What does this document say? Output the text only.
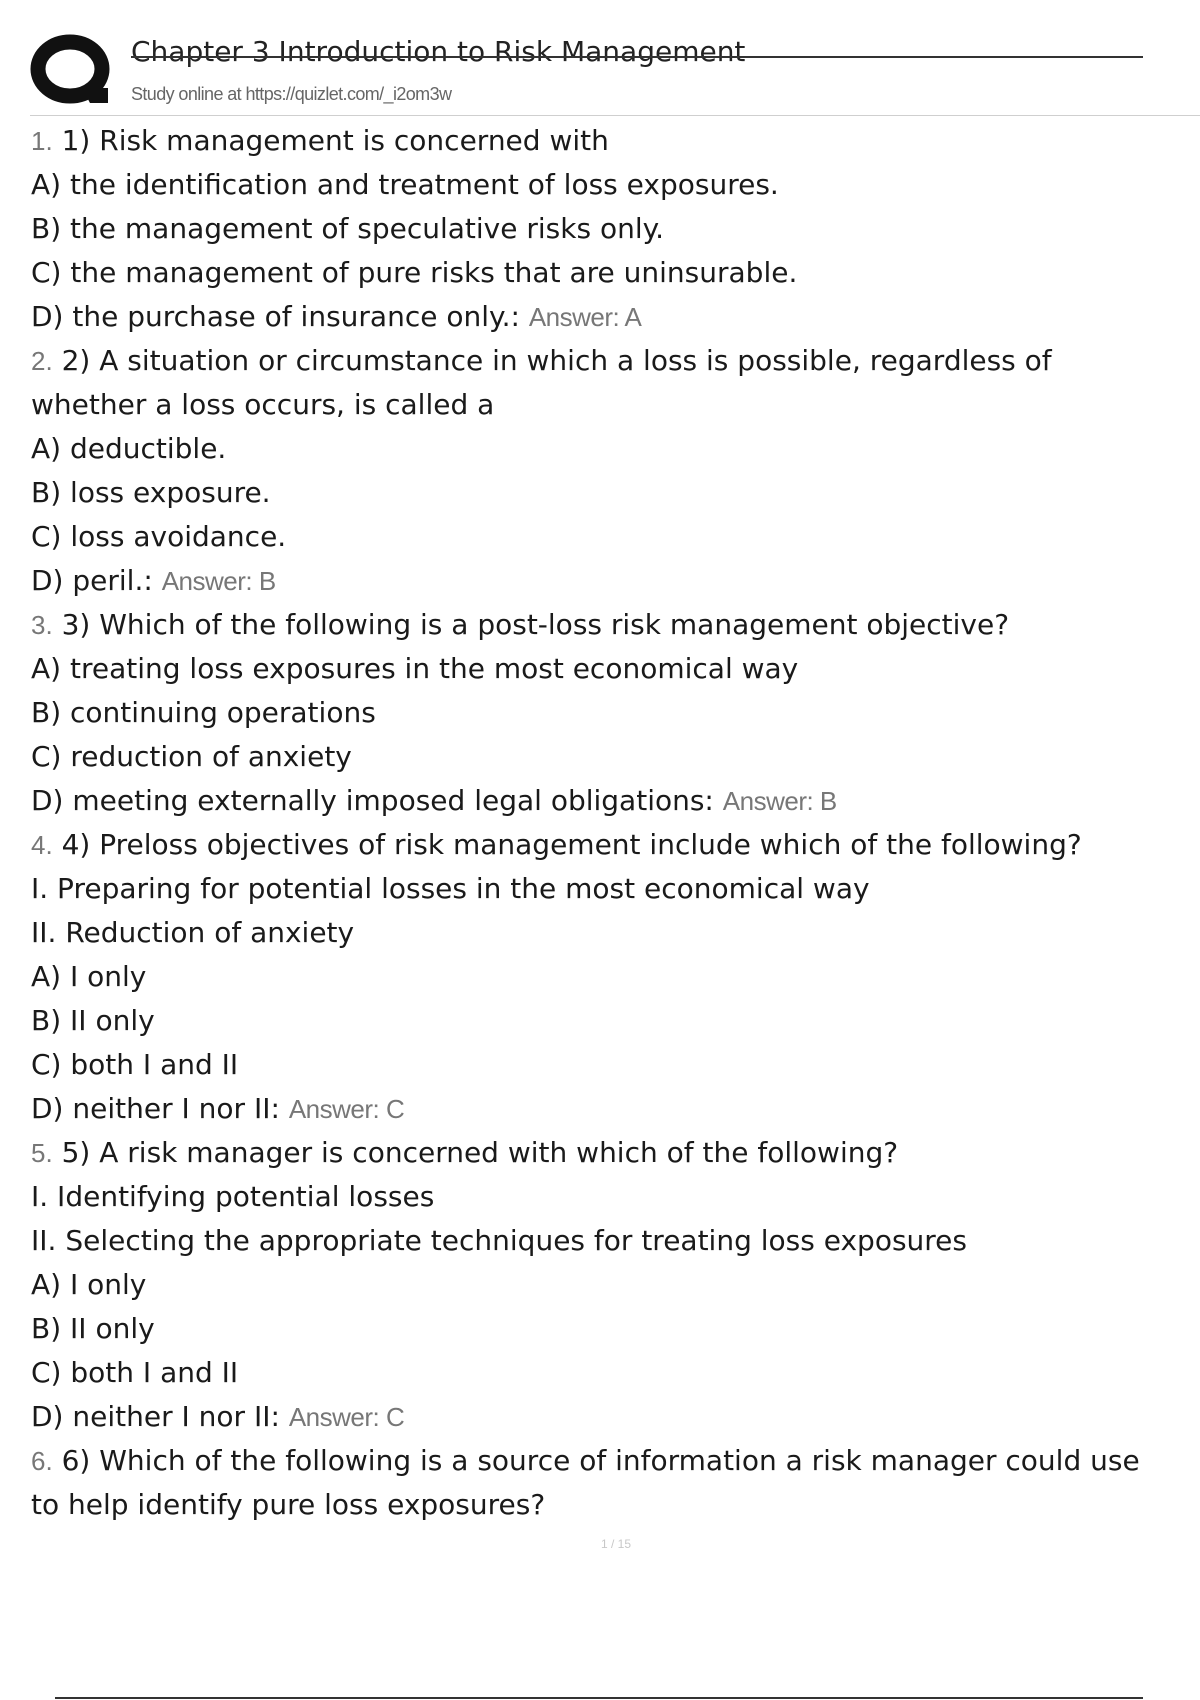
Chapter 3 Introduction to Risk Management
Study online at https://quizlet.com/_i2om3w
1. 1) Risk management is concerned with
A) the identification and treatment of loss exposures.
B) the management of speculative risks only.
C) the management of pure risks that are uninsurable.
D) the purchase of insurance only.: Answer: A
2. 2) A situation or circumstance in which a loss is possible, regardless of
whether a loss occurs, is called a
A) deductible.
B) loss exposure.
C) loss avoidance.
D) peril.: Answer: B
3. 3) Which of the following is a post-loss risk management objective?
A) treating loss exposures in the most economical way
B) continuing operations
C) reduction of anxiety
D) meeting externally imposed legal obligations: Answer: B
4. 4) Preloss objectives of risk management include which of the following?
I. Preparing for potential losses in the most economical way
II. Reduction of anxiety
A) I only
B) II only
C) both I and II
D) neither I nor II: Answer: C
5. 5) A risk manager is concerned with which of the following?
I. Identifying potential losses
II. Selecting the appropriate techniques for treating loss exposures
A) I only
B) II only
C) both I and II
D) neither I nor II: Answer: C
6. 6) Which of the following is a source of information a risk manager could use
to help identify pure loss exposures?
1 / 15
